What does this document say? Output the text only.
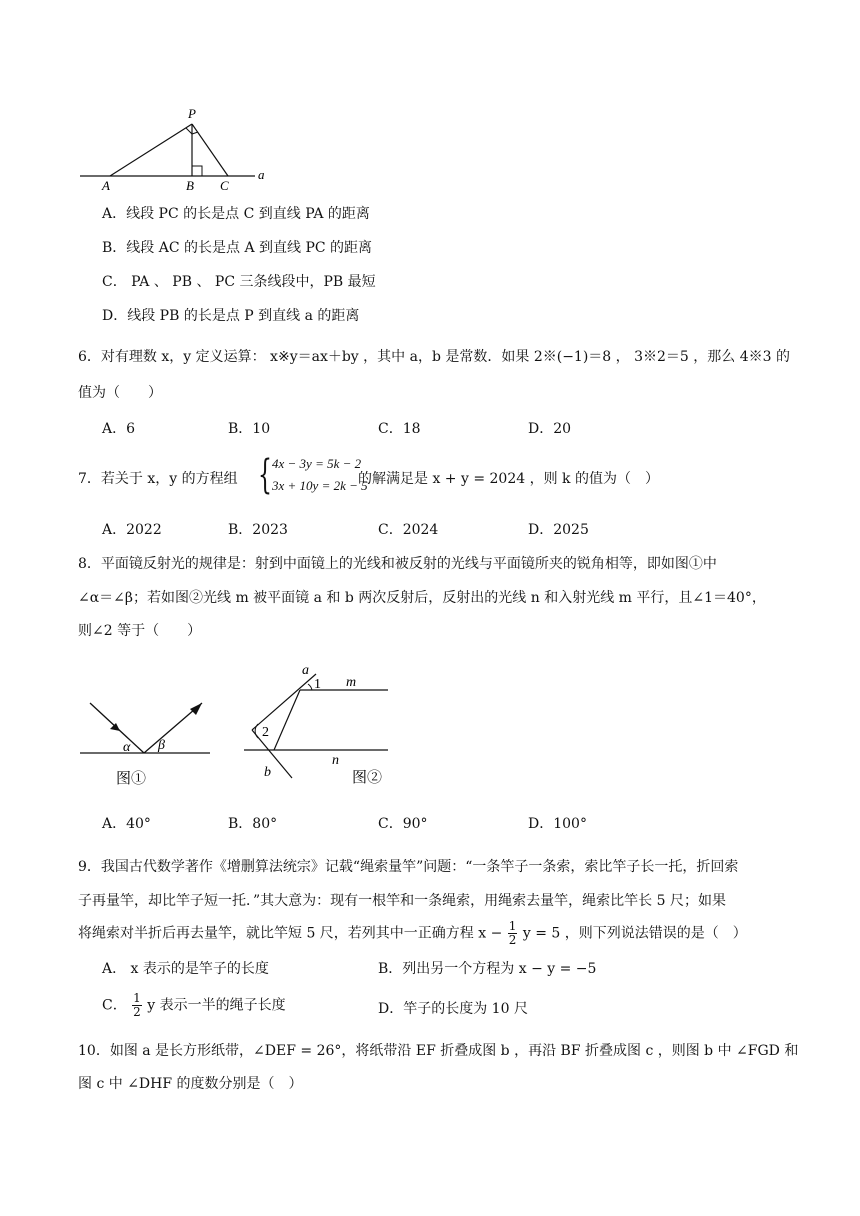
P
A	B C
a
A．线段 PC 的长是点 C 到直线 PA 的距离
B．线段 AC 的长是点 A 到直线 PC 的距离
C． PA 、 PB 、 PC 三条线段中，PB 最短
D．线段 PB 的长是点 P 到直线 a 的距离
6．对有理数 x，y 定义运算： x※y＝ax＋by ，其中 a，b 是常数．如果 2※(−1)＝8 ， 3※2＝5 ，那么 4※3 的
值为（　　）
A．6	B．10	C．18	D．20
7．若关于 x，y 的方程组 { 4x − 3y = 5k − 2
3x + 10y = 2k − 5
的解满足是 x + y = 2024 ，则 k 的值为（　）
A．2022	B．2023	C．2024	D．2025
8．平面镜反射光的规律是：射到中面镜上的光线和被反射的光线与平面镜所夹的锐角相等，即如图①中
∠α＝∠β；若如图②光线 m 被平面镜 a 和 b 两次反射后，反射出的光线 n 和入射光线 m 平行，且∠1＝40°，
则∠2 等于（　　）
α β
图①
a
1 m
2
b
n
图②
A．40°	B．80°	C．90°	D．100°
9．我国古代数学著作《增删算法统宗》记载“绳索量竿”问题：“一条竿子一条索，索比竿子长一托，折回索
子再量竿，却比竿子短一托．”其大意为：现有一根竿和一条绳索，用绳索去量竿，绳索比竿长 5 尺；如果
将绳索对半折后再去量竿，就比竿短 5 尺，若列其中一正确方程 $x - \frac{1}{2}$ y = 5 ，则下列说法错误的是（　）
A． x 表示的是竿子的长度	B．列出另一个方程为 x − y = −5
C． $\frac{1}{2}$ y 表示一半的绳子长度	D．竿子的长度为 10 尺
10．如图 a 是长方形纸带，∠DEF = 26°，将纸带沿 EF 折叠成图 b ，再沿 BF 折叠成图 c ，则图 b 中 ∠FGD 和
图 c 中 ∠DHF 的度数分别是（　）
